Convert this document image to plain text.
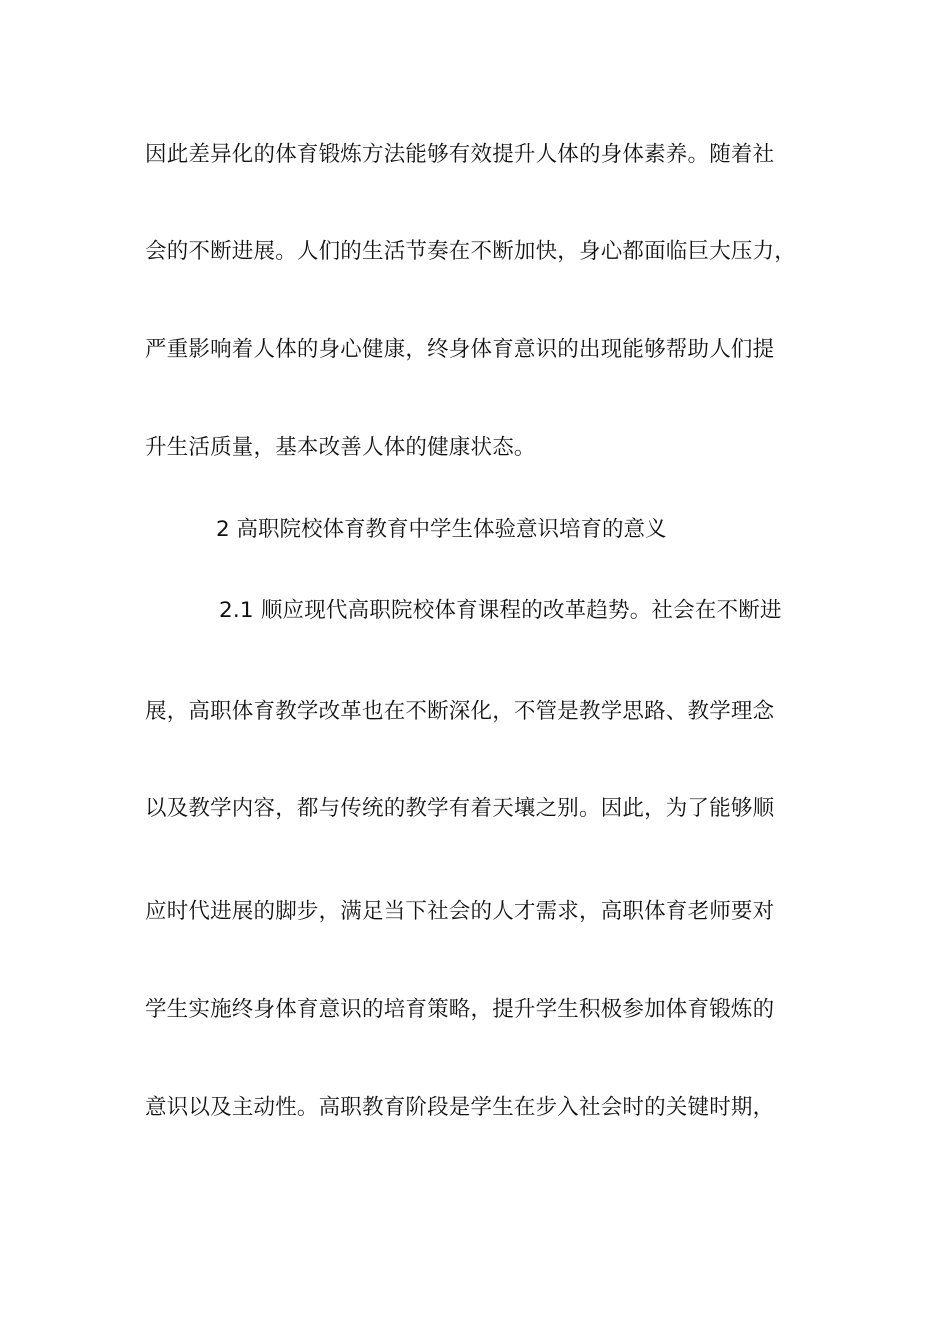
因此差异化的体育锻炼方法能够有效提升人体的身体素养。随着社
会的不断进展。人们的生活节奏在不断加快，身心都面临巨大压力，
严重影响着人体的身心健康，终身体育意识的出现能够帮助人们提
升生活质量，基本改善人体的健康状态。
2 高职院校体育教育中学生体验意识培育的意义
2.1 顺应现代高职院校体育课程的改革趋势。社会在不断进
展，高职体育教学改革也在不断深化，不管是教学思路、教学理念
以及教学内容，都与传统的教学有着天壤之别。因此，为了能够顺
应时代进展的脚步，满足当下社会的人才需求，高职体育老师要对
学生实施终身体育意识的培育策略，提升学生积极参加体育锻炼的
意识以及主动性。高职教育阶段是学生在步入社会时的关键时期，
